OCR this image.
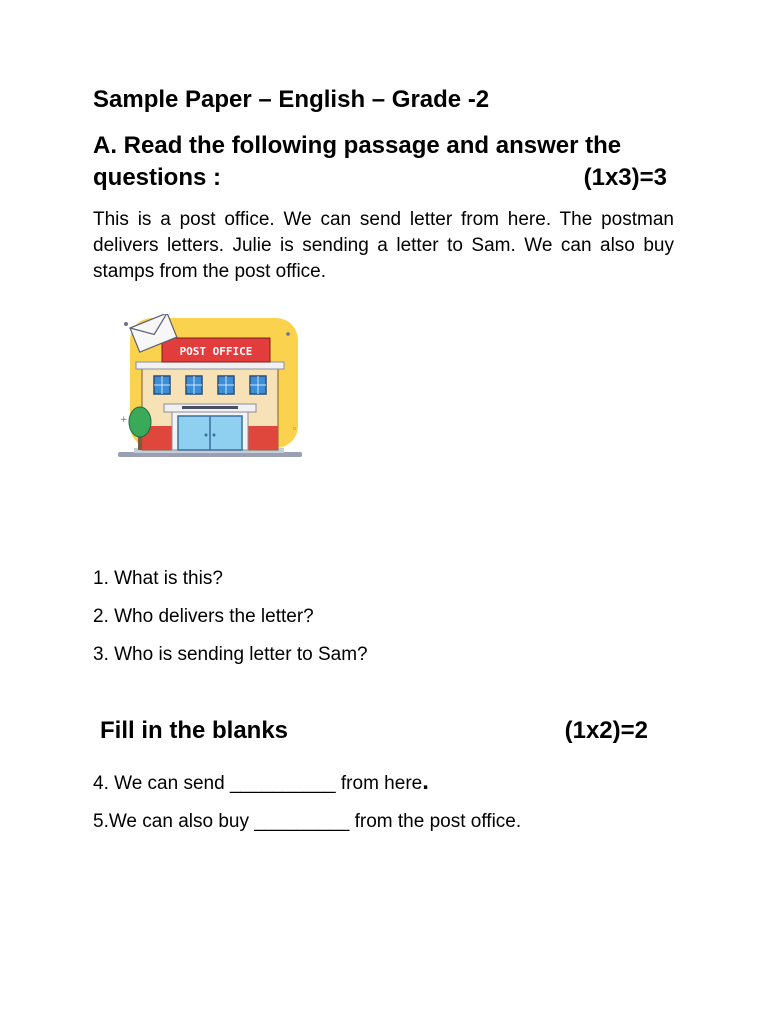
Sample Paper – English – Grade -2
A. Read the following passage and answer the
questions :	(1x3)=3
This is a post office. We can send letter from here. The postman delivers letters. Julie is sending a letter to Sam. We can also buy stamps from the post office.
+
◦
POST OFFICE
1. What is this?
2. Who delivers the letter?
3. Who is sending letter to Sam?
Fill in the blanks	(1x2)=2
4. We can send __________ from here.
5.We can also buy _________ from the post office.
